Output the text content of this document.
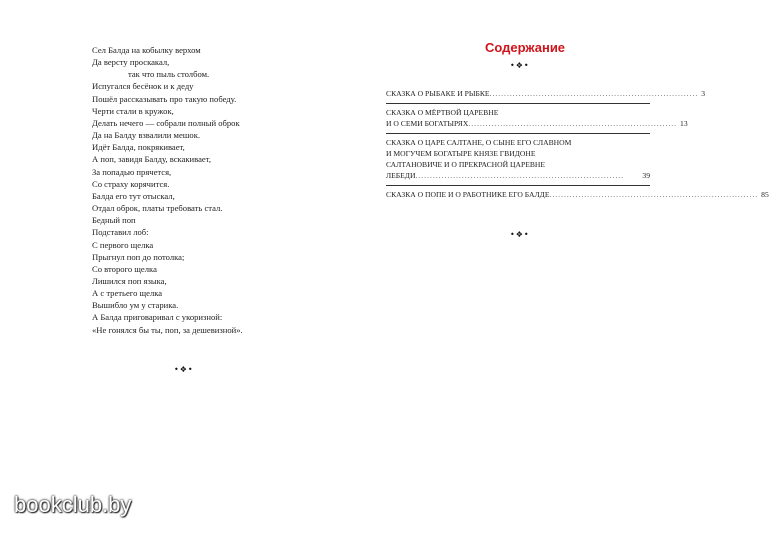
Сел Балда на кобылку верхом
Да версту проскакал,
так что пыль столбом.
Испугался бесёнок и к деду
Пошёл рассказывать про такую победу.
Черти стали в кружок,
Делать нечего — собрали полный оброк
Да на Балду взвалили мешок.
Идёт Балда, покрякивает,
А поп, завидя Балду, вскакивает,
За попадью прячется,
Со страху корячится.
Балда его тут отыскал,
Отдал оброк, платы требовать стал.
Бедный поп
Подставил лоб:
С первого щелка
Прыгнул поп до потолка;
Со второго щелка
Лишился поп языка,
А с третьего щелка
Вышибло ум у старика.
А Балда приговаривал с укоризной:
«Не гонялся бы ты, поп, за дешевизной».
•❖•
Содержание
•❖•
СКАЗКА О РЫБАКЕ И РЫБКЕ ........................................................................ 3
СКАЗКА О МЁРТВОЙ ЦАРЕВНЕ
И О СЕМИ БОГАТЫРЯХ ........................................................................ 13
СКАЗКА О ЦАРЕ САЛТАНЕ, О СЫНЕ ЕГО СЛАВНОМ
И МОГУЧЕМ БОГАТЫРЕ КНЯЗЕ ГВИДОНЕ
САЛТАНОВИЧЕ И О ПРЕКРАСНОЙ ЦАРЕВНЕ
ЛЕБЕДИ ........................................................................	39
СКАЗКА О ПОПЕ И О РАБОТНИКЕ ЕГО БАЛДЕ ........................................................................ 85
•❖•
bookclub.by
